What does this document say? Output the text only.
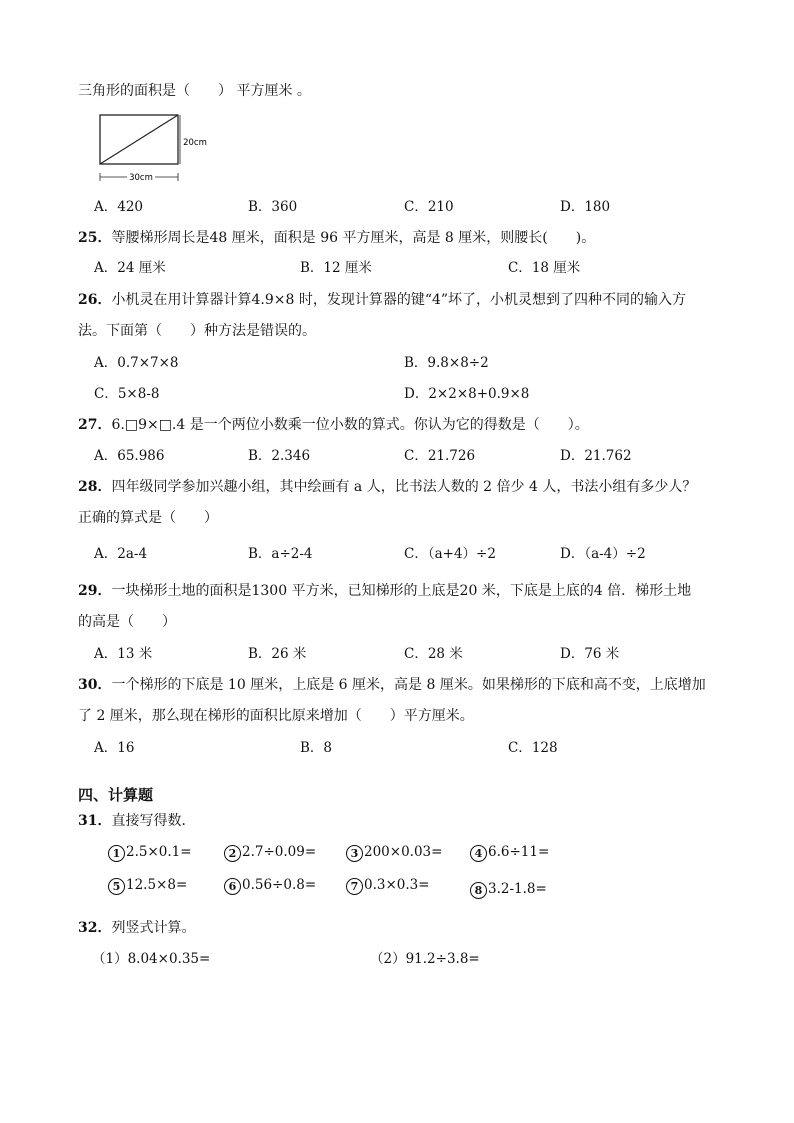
三角形的面积是（　　） 平方厘米 。
30cm
20cm
A．420	B．360	C．210	D．180
25．等腰梯形周长是48 厘米，面积是 96 平方厘米，高是 8 厘米，则腰长(　　)。
A．24 厘米	B．12 厘米	C．18 厘米
26．小机灵在用计算器计算4.9×8 时，发现计算器的键“4”坏了，小机灵想到了四种不同的输入方
法。下面第（　　）种方法是错误的。
A．0.7×7×8	B．9.8×8÷2
C．5×8-8	D．2×2×8+0.9×8
27．6.□9×□.4 是一个两位小数乘一位小数的算式。你认为它的得数是（　　）。
A．65.986	B．2.346	C．21.726	D．21.762
28．四年级同学参加兴趣小组，其中绘画有 a 人，比书法人数的 2 倍少 4 人，书法小组有多少人？
正确的算式是（　　）
A．2a-4	B．a÷2-4	C．（a+4）÷2	D．（a-4）÷2
29．一块梯形土地的面积是1300 平方米，已知梯形的上底是20 米，下底是上底的4 倍．梯形土地
的高是（　　）
A．13 米	B．26 米	C．28 米	D．76 米
30．一个梯形的下底是 10 厘米，上底是 6 厘米，高是 8 厘米。如果梯形的下底和高不变，上底增加
了 2 厘米，那么现在梯形的面积比原来增加（　　）平方厘米。
A．16	B．8	C．128
四、计算题
31．直接写得数．
1 2.5×0.1=	2 2.7÷0.09=	3 200×0.03=	4 6.6÷11=
5 12.5×8=	6 0.56÷0.8=	7 0.3×0.3=	8 3.2-1.8=
32．列竖式计算。
（1）8.04×0.35=	（2）91.2÷3.8=
